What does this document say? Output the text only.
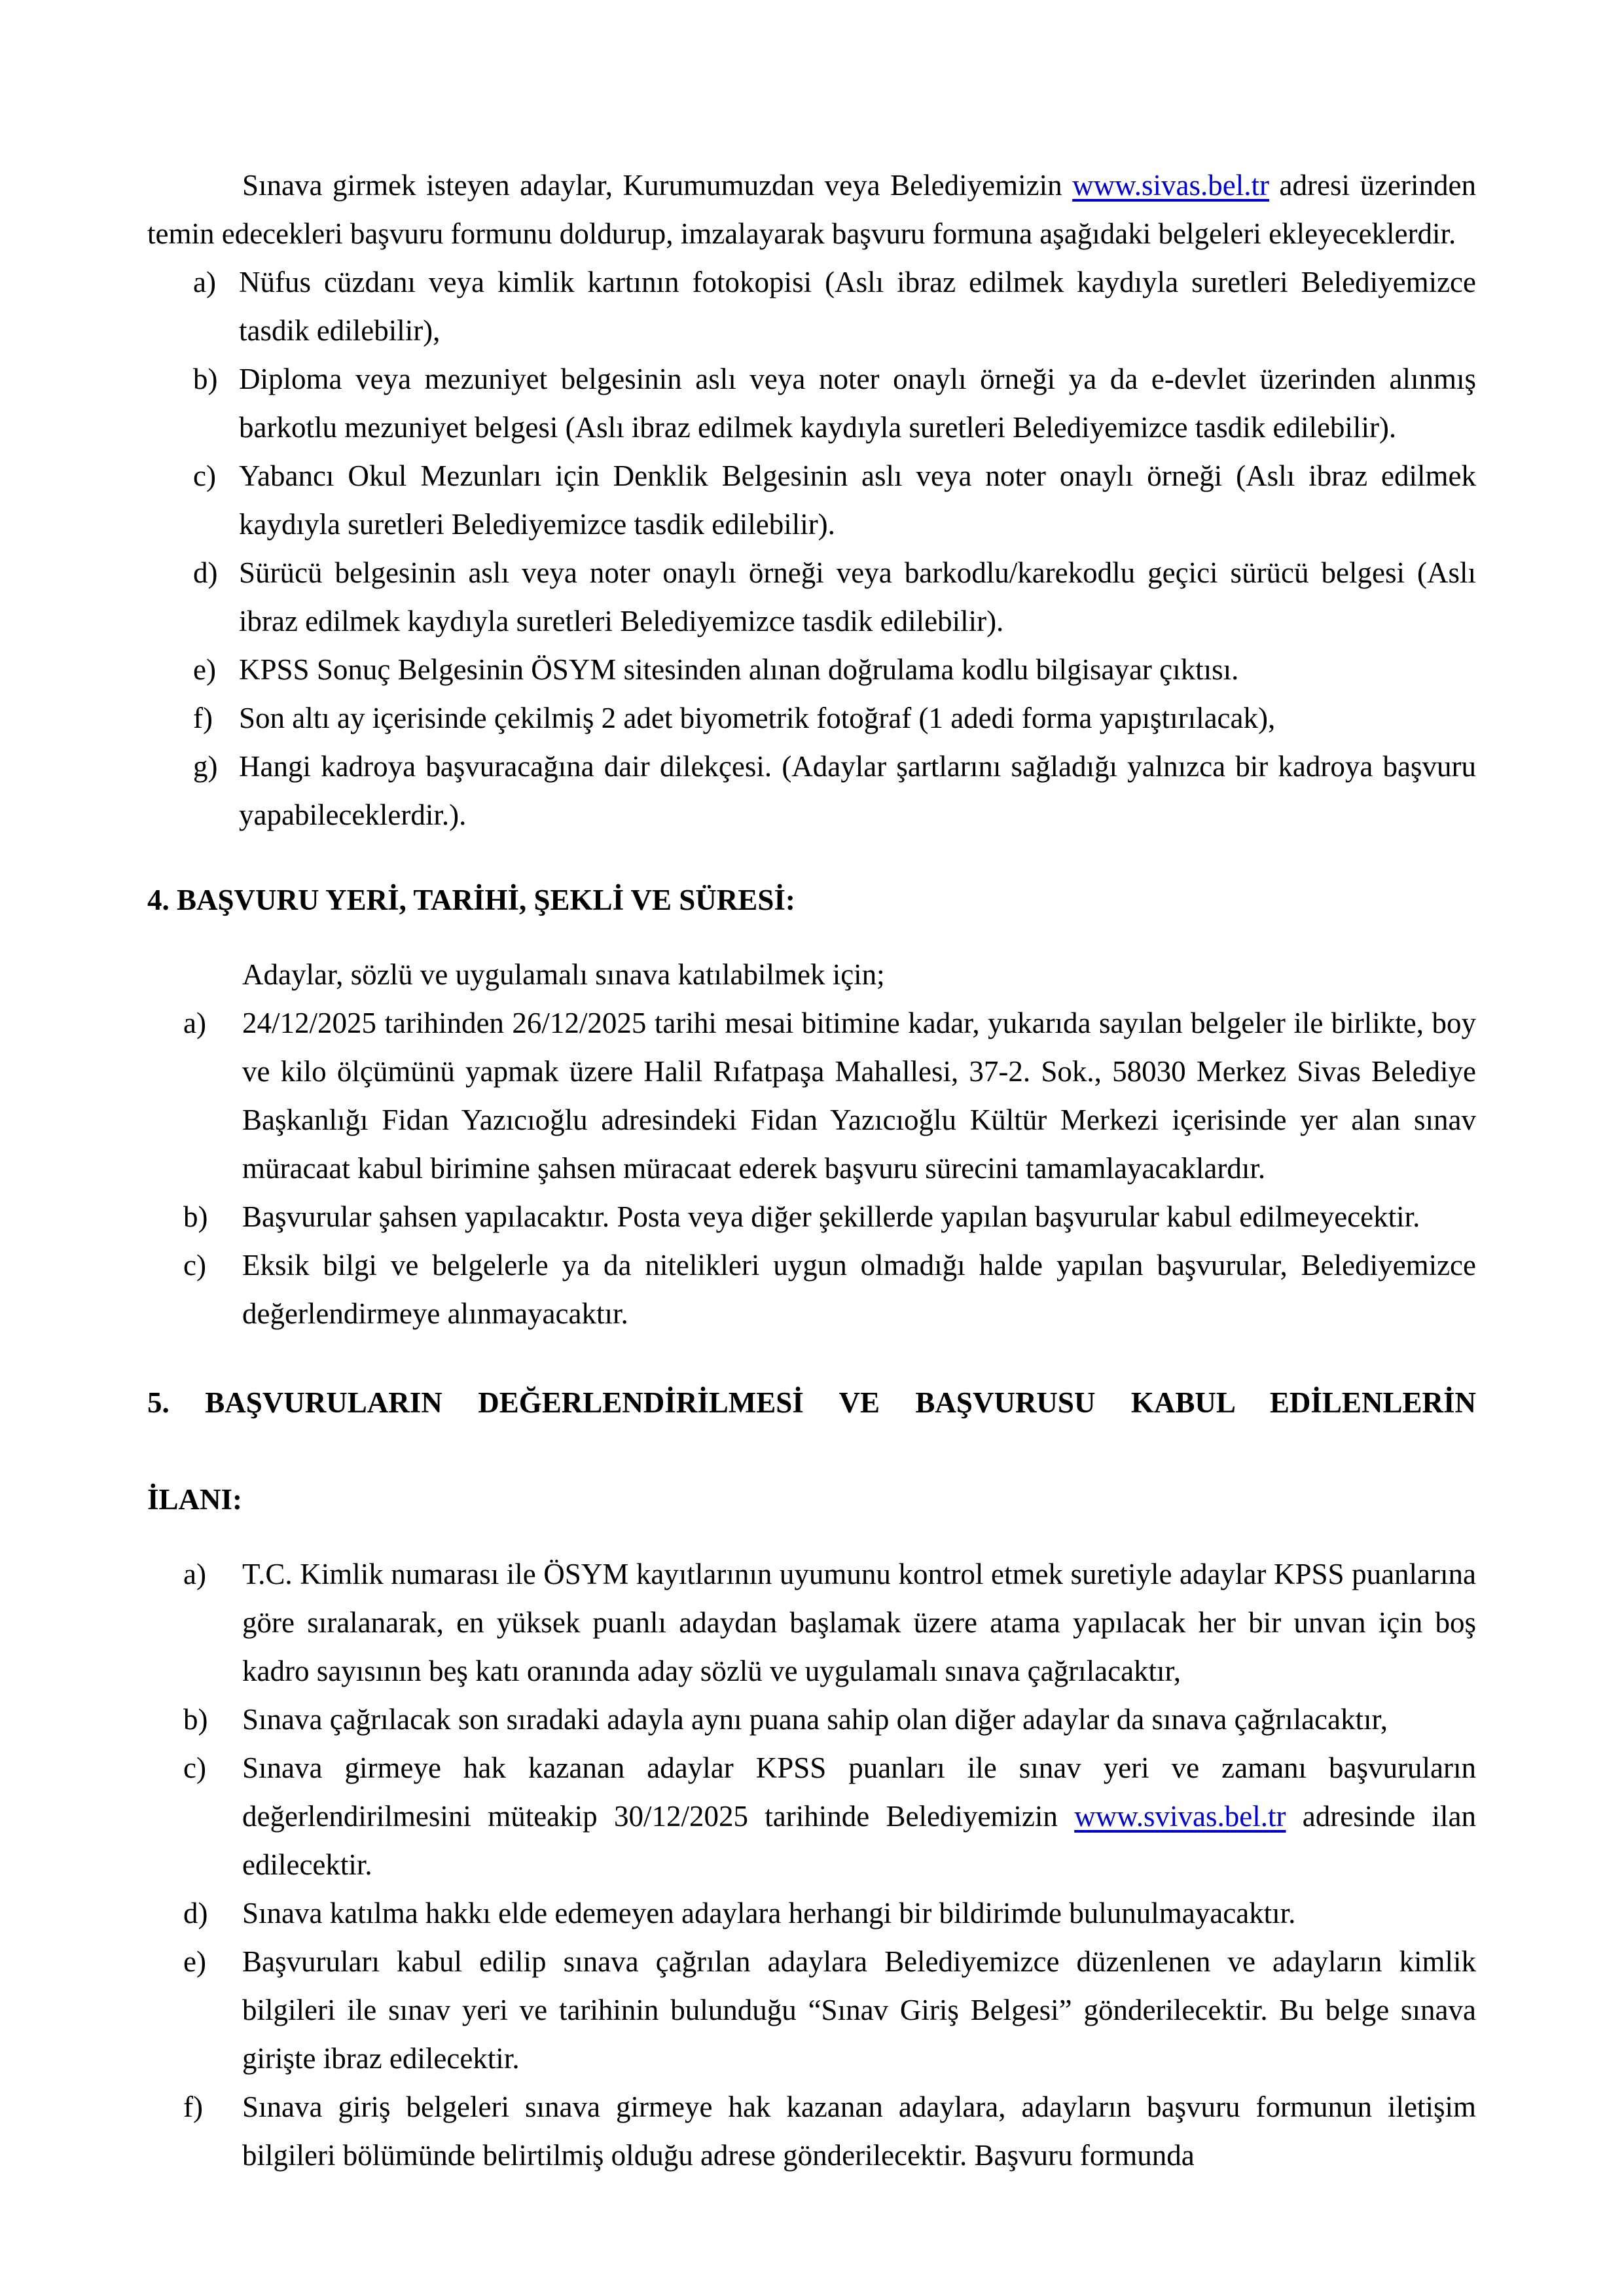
Sınava girmek isteyen adaylar, Kurumumuzdan veya Belediyemizin www.sivas.bel.tr adresi üzerinden temin edecekleri başvuru formunu doldurup, imzalayarak başvuru formuna aşağıdaki belgeleri ekleyeceklerdir.

a) Nüfus cüzdanı veya kimlik kartının fotokopisi (Aslı ibraz edilmek kaydıyla suretleri Belediyemizce tasdik edilebilir),
b) Diploma veya mezuniyet belgesinin aslı veya noter onaylı örneği ya da e-devlet üzerinden alınmış barkotlu mezuniyet belgesi (Aslı ibraz edilmek kaydıyla suretleri Belediyemizce tasdik edilebilir).
c) Yabancı Okul Mezunları için Denklik Belgesinin aslı veya noter onaylı örneği (Aslı ibraz edilmek kaydıyla suretleri Belediyemizce tasdik edilebilir).
d) Sürücü belgesinin aslı veya noter onaylı örneği veya barkodlu/karekodlu geçici sürücü belgesi (Aslı ibraz edilmek kaydıyla suretleri Belediyemizce tasdik edilebilir).
e) KPSS Sonuç Belgesinin ÖSYM sitesinden alınan doğrulama kodlu bilgisayar çıktısı.
f) Son altı ay içerisinde çekilmiş 2 adet biyometrik fotoğraf (1 adedi forma yapıştırılacak),
g) Hangi kadroya başvuracağına dair dilekçesi. (Adaylar şartlarını sağladığı yalnızca bir kadroya başvuru yapabileceklerdir.).
4. BAŞVURU YERİ, TARİHİ, ŞEKLİ VE SÜRESİ:

Adaylar, sözlü ve uygulamalı sınava katılabilmek için;

a)	24/12/2025 tarihinden 26/12/2025 tarihi mesai bitimine kadar, yukarıda sayılan belgeler ile birlikte, boy ve kilo ölçümünü yapmak üzere Halil Rıfatpaşa Mahallesi, 37-2. Sok., 58030 Merkez Sivas Belediye Başkanlığı Fidan Yazıcıoğlu adresindeki Fidan Yazıcıoğlu Kültür Merkezi içerisinde yer alan sınav müracaat kabul birimine şahsen müracaat ederek başvuru sürecini tamamlayacaklardır.
b)	Başvurular şahsen yapılacaktır. Posta veya diğer şekillerde yapılan başvurular kabul edilmeyecektir.
c)	Eksik bilgi ve belgelerle ya da nitelikleri uygun olmadığı halde yapılan başvurular, Belediyemizce değerlendirmeye alınmayacaktır.
5. BAŞVURULARIN DEĞERLENDİRİLMESİ VE BAŞVURUSU KABUL EDİLENLERİN
İLANI:
a)	T.C. Kimlik numarası ile ÖSYM kayıtlarının uyumunu kontrol etmek suretiyle adaylar KPSS puanlarına göre sıralanarak, en yüksek puanlı adaydan başlamak üzere atama yapılacak her bir unvan için boş kadro sayısının beş katı oranında aday sözlü ve uygulamalı sınava çağrılacaktır,
b)	Sınava çağrılacak son sıradaki adayla aynı puana sahip olan diğer adaylar da sınava çağrılacaktır,
c)	Sınava girmeye hak kazanan adaylar KPSS puanları ile sınav yeri ve zamanı başvuruların değerlendirilmesini müteakip 30/12/2025 tarihinde Belediyemizin www.svivas.bel.tr adresinde ilan edilecektir.
d)	Sınava katılma hakkı elde edemeyen adaylara herhangi bir bildirimde bulunulmayacaktır.
e)	Başvuruları kabul edilip sınava çağrılan adaylara Belediyemizce düzenlenen ve adayların kimlik bilgileri ile sınav yeri ve tarihinin bulunduğu “Sınav Giriş Belgesi” gönderilecektir. Bu belge sınava girişte ibraz edilecektir.
f)	Sınava giriş belgeleri sınava girmeye hak kazanan adaylara, adayların başvuru formunun iletişim bilgileri bölümünde belirtilmiş olduğu adrese gönderilecektir. Başvuru formunda
